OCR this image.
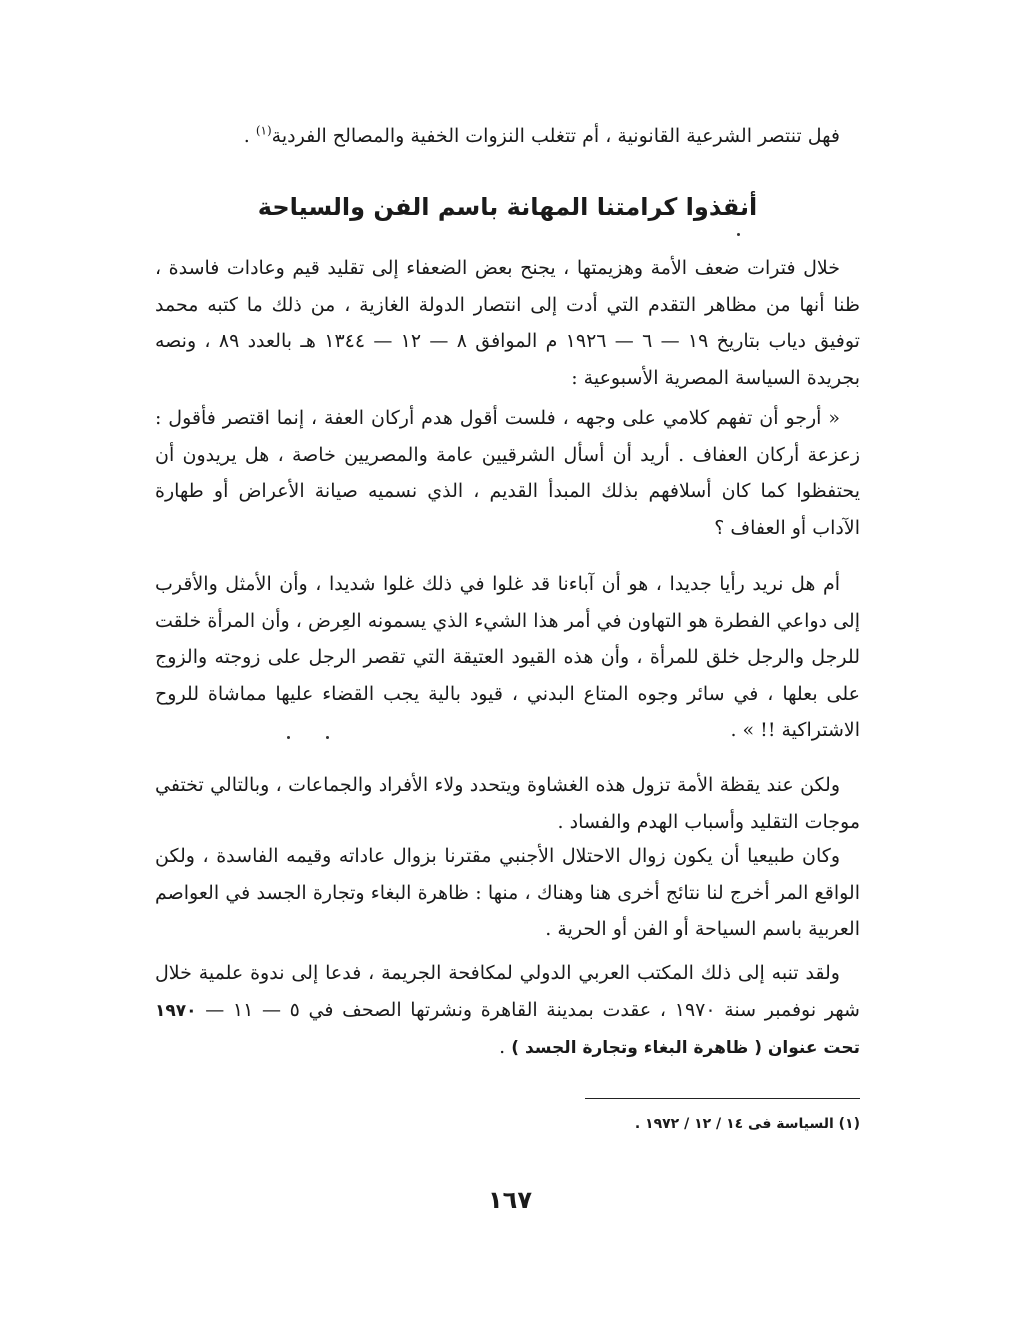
فهل تنتصر الشرعية القانونية ، أم تتغلب النزوات الخفية والمصالح الفردية$^{(١)}$ .

أنقذوا كرامتنا المهانة باسم الفن والسياحة

خلال فترات ضعف الأمة وهزيمتها ، يجنح بعض الضعفاء إلى تقليد قيم وعادات فاسدة ، ظنا أنها من مظاهر التقدم التي أدت إلى انتصار الدولة الغازية ، من ذلك ما كتبه محمد توفيق دياب بتاريخ ١٩ — ٦ — ١٩٢٦ م الموافق ٨ — ١٢ — ١٣٤٤ هـ بالعدد ٨٩ ، ونصه بجريدة السياسة المصرية الأسبوعية :

« أرجو أن تفهم كلامي على وجهه ، فلست أقول هدم أركان العفة ، إنما اقتصر فأقول : زعزعة أركان العفاف . أريد أن أسأل الشرقيين عامة والمصريين خاصة ، هل يريدون أن يحتفظوا كما كان أسلافهم بذلك المبدأ القديم ، الذي نسميه صيانة الأعراض أو طهارة الآداب أو العفاف ؟

أم هل نريد رأيا جديدا ، هو أن آباءنا قد غلوا في ذلك غلوا شديدا ، وأن الأمثل والأقرب إلى دواعي الفطرة هو التهاون في أمر هذا الشيء الذي يسمونه العِرض ، وأن المرأة خلقت للرجل والرجل خلق للمرأة ، وأن هذه القيود العتيقة التي تقصر الرجل على زوجته والزوج على بعلها ، في سائر وجوه المتاع البدني ، قيود بالية يجب القضاء عليها مماشاة للروح الاشتراكية !! » .

ولكن عند يقظة الأمة تزول هذه الغشاوة ويتحدد ولاء الأفراد والجماعات ، وبالتالي تختفي موجات التقليد وأسباب الهدم والفساد .

وكان طبيعيا أن يكون زوال الاحتلال الأجنبي مقترنا بزوال عاداته وقيمه الفاسدة ، ولكن الواقع المر أخرج لنا نتائج أخرى هنا وهناك ، منها : ظاهرة البغاء وتجارة الجسد في العواصم العربية باسم السياحة أو الفن أو الحرية .

ولقد تنبه إلى ذلك المكتب العربي الدولي لمكافحة الجريمة ، فدعا إلى ندوة علمية خلال شهر نوفمبر سنة ١٩٧٠ ، عقدت بمدينة القاهرة ونشرتها الصحف في ٥ — ١١ — ١٩٧٠ تحت عنوان ( ظاهرة البغاء وتجارة الجسد ) .

(١) السياسة فى ١٤ / ١٢ / ١٩٧٢ .
١٦٧
